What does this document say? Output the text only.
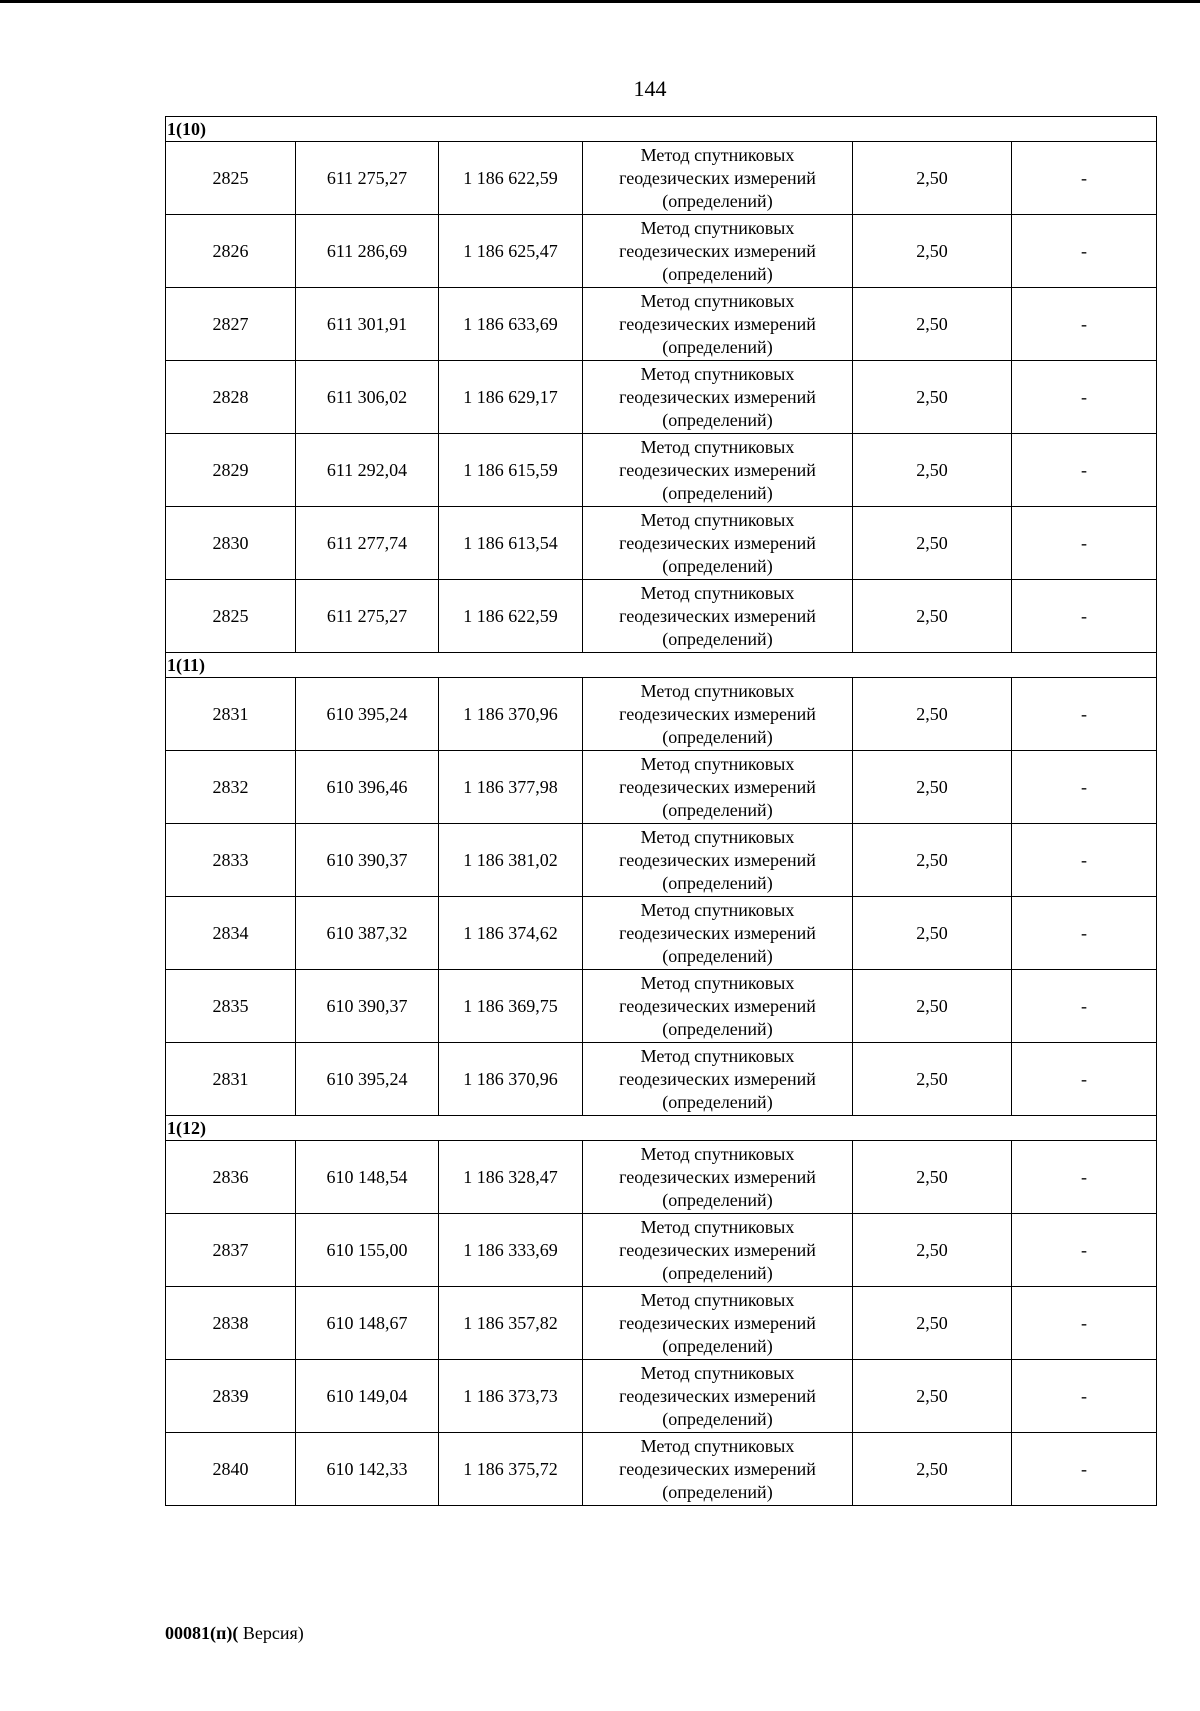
144
1(10)					
2825	611 275,27	1 186 622,59	Метод спутниковых
геодезических измерений
(определений)	2,50	-
2826	611 286,69	1 186 625,47	Метод спутниковых
геодезических измерений
(определений)	2,50	-
2827	611 301,91	1 186 633,69	Метод спутниковых
геодезических измерений
(определений)	2,50	-
2828	611 306,02	1 186 629,17	Метод спутниковых
геодезических измерений
(определений)	2,50	-
2829	611 292,04	1 186 615,59	Метод спутниковых
геодезических измерений
(определений)	2,50	-
2830	611 277,74	1 186 613,54	Метод спутниковых
геодезических измерений
(определений)	2,50	-
2825	611 275,27	1 186 622,59	Метод спутниковых
геодезических измерений
(определений)	2,50	-
1(11)					
2831	610 395,24	1 186 370,96	Метод спутниковых
геодезических измерений
(определений)	2,50	-
2832	610 396,46	1 186 377,98	Метод спутниковых
геодезических измерений
(определений)	2,50	-
2833	610 390,37	1 186 381,02	Метод спутниковых
геодезических измерений
(определений)	2,50	-
2834	610 387,32	1 186 374,62	Метод спутниковых
геодезических измерений
(определений)	2,50	-
2835	610 390,37	1 186 369,75	Метод спутниковых
геодезических измерений
(определений)	2,50	-
2831	610 395,24	1 186 370,96	Метод спутниковых
геодезических измерений
(определений)	2,50	-
1(12)					
2836	610 148,54	1 186 328,47	Метод спутниковых
геодезических измерений
(определений)	2,50	-
2837	610 155,00	1 186 333,69	Метод спутниковых
геодезических измерений
(определений)	2,50	-
2838	610 148,67	1 186 357,82	Метод спутниковых
геодезических измерений
(определений)	2,50	-
2839	610 149,04	1 186 373,73	Метод спутниковых
геодезических измерений
(определений)	2,50	-
2840	610 142,33	1 186 375,72	Метод спутниковых
геодезических измерений
(определений)	2,50	-
00081(п)( Версия)
